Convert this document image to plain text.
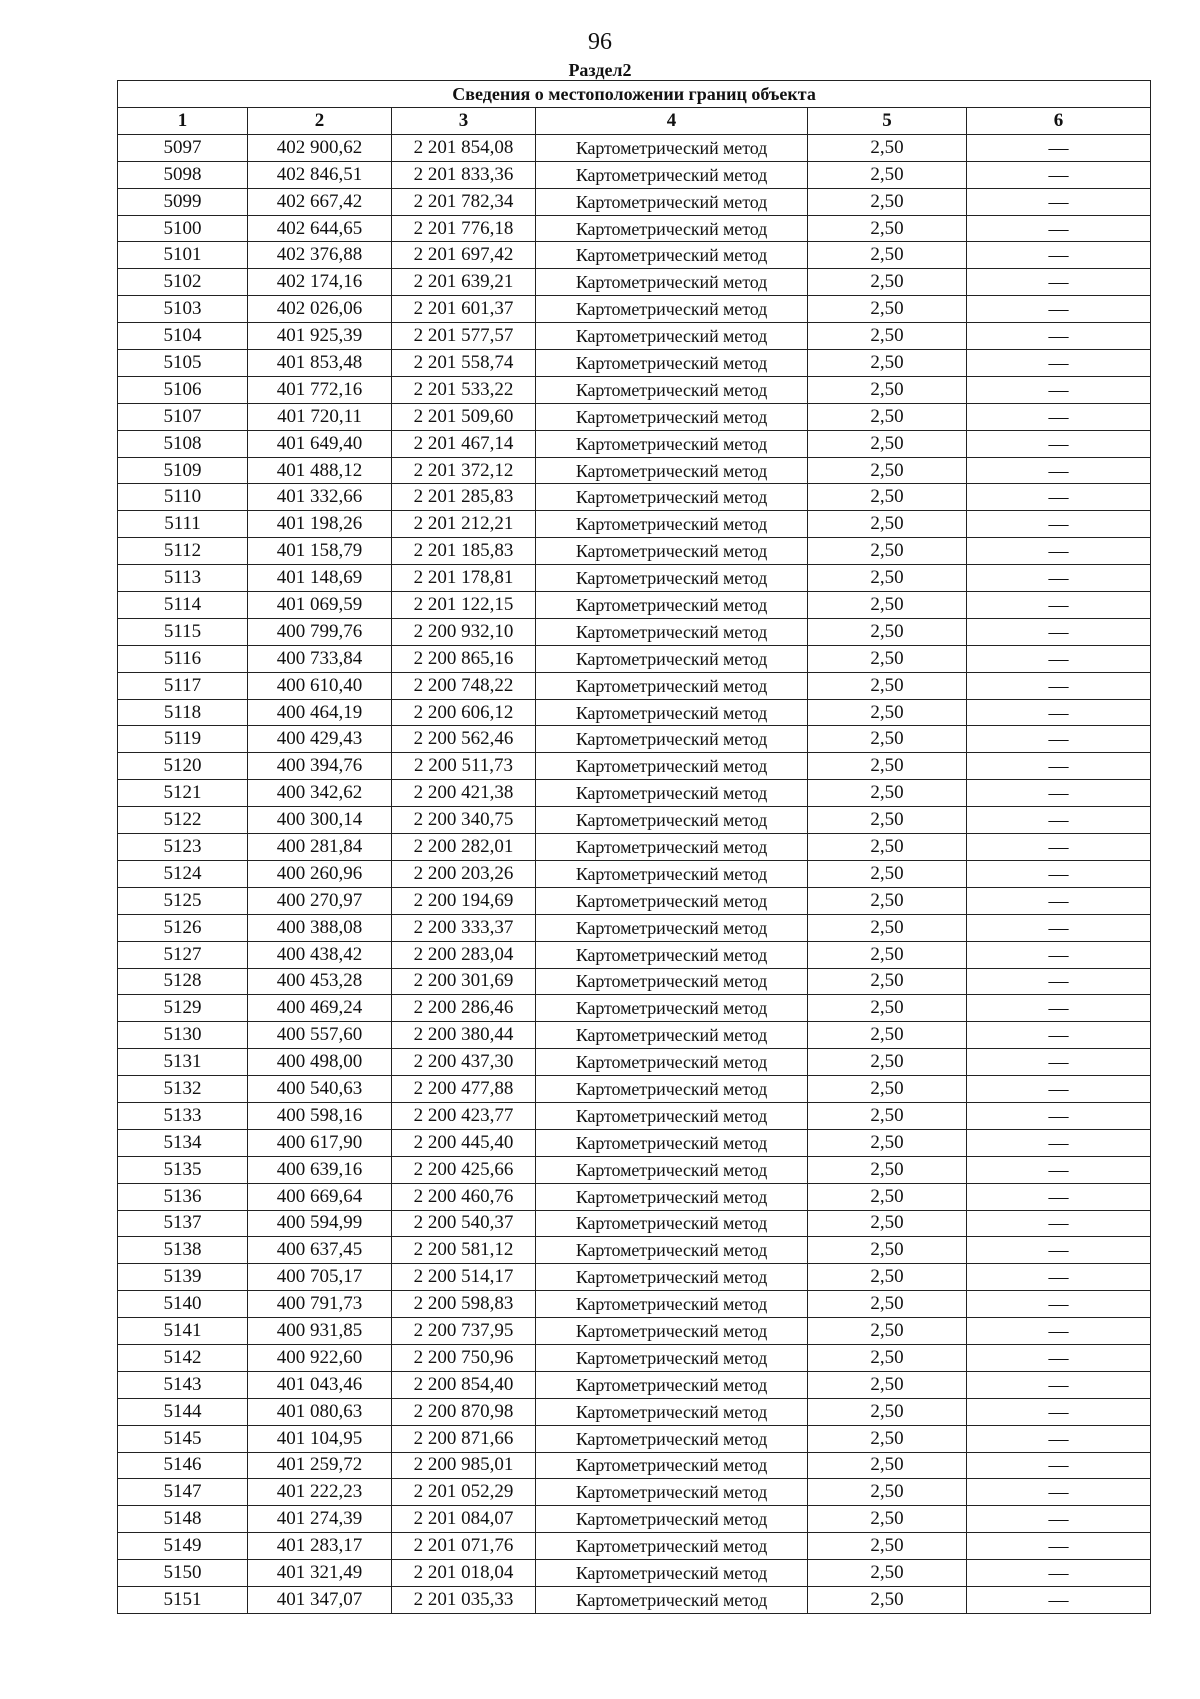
96
Раздел2
Сведения о местоположении границ объекта					
1	2	3	4	5	6
5097	402 900,62	2 201 854,08	Картометрический метод	2,50	—
5098	402 846,51	2 201 833,36	Картометрический метод	2,50	—
5099	402 667,42	2 201 782,34	Картометрический метод	2,50	—
5100	402 644,65	2 201 776,18	Картометрический метод	2,50	—
5101	402 376,88	2 201 697,42	Картометрический метод	2,50	—
5102	402 174,16	2 201 639,21	Картометрический метод	2,50	—
5103	402 026,06	2 201 601,37	Картометрический метод	2,50	—
5104	401 925,39	2 201 577,57	Картометрический метод	2,50	—
5105	401 853,48	2 201 558,74	Картометрический метод	2,50	—
5106	401 772,16	2 201 533,22	Картометрический метод	2,50	—
5107	401 720,11	2 201 509,60	Картометрический метод	2,50	—
5108	401 649,40	2 201 467,14	Картометрический метод	2,50	—
5109	401 488,12	2 201 372,12	Картометрический метод	2,50	—
5110	401 332,66	2 201 285,83	Картометрический метод	2,50	—
5111	401 198,26	2 201 212,21	Картометрический метод	2,50	—
5112	401 158,79	2 201 185,83	Картометрический метод	2,50	—
5113	401 148,69	2 201 178,81	Картометрический метод	2,50	—
5114	401 069,59	2 201 122,15	Картометрический метод	2,50	—
5115	400 799,76	2 200 932,10	Картометрический метод	2,50	—
5116	400 733,84	2 200 865,16	Картометрический метод	2,50	—
5117	400 610,40	2 200 748,22	Картометрический метод	2,50	—
5118	400 464,19	2 200 606,12	Картометрический метод	2,50	—
5119	400 429,43	2 200 562,46	Картометрический метод	2,50	—
5120	400 394,76	2 200 511,73	Картометрический метод	2,50	—
5121	400 342,62	2 200 421,38	Картометрический метод	2,50	—
5122	400 300,14	2 200 340,75	Картометрический метод	2,50	—
5123	400 281,84	2 200 282,01	Картометрический метод	2,50	—
5124	400 260,96	2 200 203,26	Картометрический метод	2,50	—
5125	400 270,97	2 200 194,69	Картометрический метод	2,50	—
5126	400 388,08	2 200 333,37	Картометрический метод	2,50	—
5127	400 438,42	2 200 283,04	Картометрический метод	2,50	—
5128	400 453,28	2 200 301,69	Картометрический метод	2,50	—
5129	400 469,24	2 200 286,46	Картометрический метод	2,50	—
5130	400 557,60	2 200 380,44	Картометрический метод	2,50	—
5131	400 498,00	2 200 437,30	Картометрический метод	2,50	—
5132	400 540,63	2 200 477,88	Картометрический метод	2,50	—
5133	400 598,16	2 200 423,77	Картометрический метод	2,50	—
5134	400 617,90	2 200 445,40	Картометрический метод	2,50	—
5135	400 639,16	2 200 425,66	Картометрический метод	2,50	—
5136	400 669,64	2 200 460,76	Картометрический метод	2,50	—
5137	400 594,99	2 200 540,37	Картометрический метод	2,50	—
5138	400 637,45	2 200 581,12	Картометрический метод	2,50	—
5139	400 705,17	2 200 514,17	Картометрический метод	2,50	—
5140	400 791,73	2 200 598,83	Картометрический метод	2,50	—
5141	400 931,85	2 200 737,95	Картометрический метод	2,50	—
5142	400 922,60	2 200 750,96	Картометрический метод	2,50	—
5143	401 043,46	2 200 854,40	Картометрический метод	2,50	—
5144	401 080,63	2 200 870,98	Картометрический метод	2,50	—
5145	401 104,95	2 200 871,66	Картометрический метод	2,50	—
5146	401 259,72	2 200 985,01	Картометрический метод	2,50	—
5147	401 222,23	2 201 052,29	Картометрический метод	2,50	—
5148	401 274,39	2 201 084,07	Картометрический метод	2,50	—
5149	401 283,17	2 201 071,76	Картометрический метод	2,50	—
5150	401 321,49	2 201 018,04	Картометрический метод	2,50	—
5151	401 347,07	2 201 035,33	Картометрический метод	2,50	—
